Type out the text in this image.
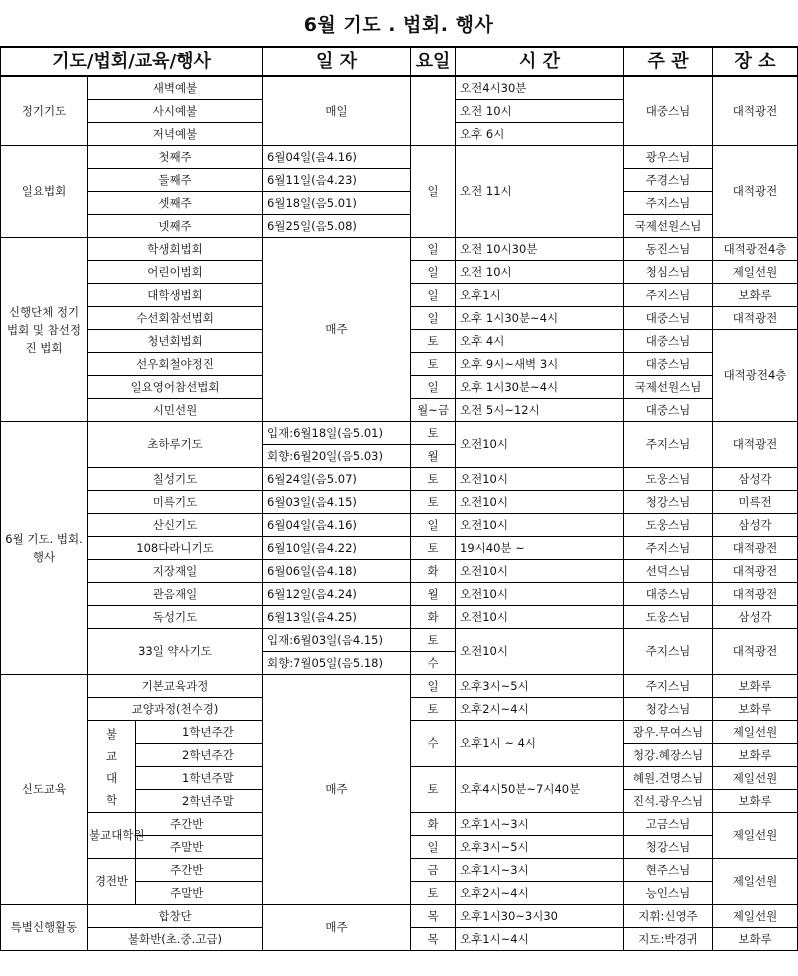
6월 기도 . 법회. 행사
기도/법회/교육/행사			일 자	요일	시 간	주 관	장 소
정기기도	새벽예불		매일		오전4시30분	대중스님	대적광전
	사시예불				오전 10시		
	저녁예불				오후 6시		
일요법회	첫째주		6월04일(음4.16)	일	오전 11시	광우스님	대적광전
	둘째주		6월11일(음4.23)			주경스님	
	셋째주		6월18일(음5.01)			주지스님	
	넷째주		6월25일(음5.08)			국제선원스님	
신행단체 정기법회 및 참선정진 법회	학생회법회		매주	일	오전 10시30분	동진스님	대적광전4층
	어린이법회			일	오전 10시	청심스님	제일선원
	대학생법회			일	오후1시	주지스님	보화루
	수선회참선법회			일	오후 1시30분~4시	대중스님	대적광전
	청년회법회			토	오후 4시	대중스님	대적광전4층
	선우회철야정진			토	오후 9시~새벽 3시	대중스님	
	일요영어참선법회			일	오후 1시30분~4시	국제선원스님	
	시민선원			월~금	오전 5시~12시	대중스님	
6월 기도. 법회.행사	초하루기도		입재:6월18일(음5.01)	토	오전10시	주지스님	대적광전
			회향:6월20일(음5.03)	월			
	칠성기도		6월24일(음5.07)	토	오전10시	도웅스님	삼성각
	미륵기도		6월03일(음4.15)	토	오전10시	청강스님	미륵전
	산신기도		6월04일(음4.16)	일	오전10시	도웅스님	삼성각
	108다라니기도		6월10일(음4.22)	토	19시40분 ~	주지스님	대적광전
	지장재일		6월06일(음4.18)	화	오전10시	선덕스님	대적광전
	관음재일		6월12일(음4.24)	월	오전10시	대중스님	대적광전
	독성기도		6월13일(음4.25)	화	오전10시	도웅스님	삼성각
	33일 약사기도		입재:6월03일(음4.15)	토	오전10시	주지스님	대적광전
			회향:7월05일(음5.18)	수			
신도교육	기본교육과정		매주	일	오후3시~5시	주지스님	보화루
	교양과정(천수경)			토	오후2시~4시	청강스님	보화루
	불교대학	1학년주간		수	오후1시 ~ 4시	광우.무여스님	제일선원
		2학년주간				청강.혜장스님	보화루
		1학년주말		토	오후4시50분~7시40분	혜원.견명스님	제일선원
		2학년주말				진석.광우스님	보화루
	불교대학원	주간반		화	오후1시~3시	고금스님	제일선원
		주말반		일	오후3시~5시	청강스님	
	경전반	주간반		금	오후1시~3시	현주스님	제일선원
		주말반		토	오후2시~4시	능인스님	
특별신행활동	합창단		매주	목	오후1시30~3시30	지휘:신영주	제일선원
	불화반(초.중.고급)			목	오후1시~4시	지도:박경귀	보화루
